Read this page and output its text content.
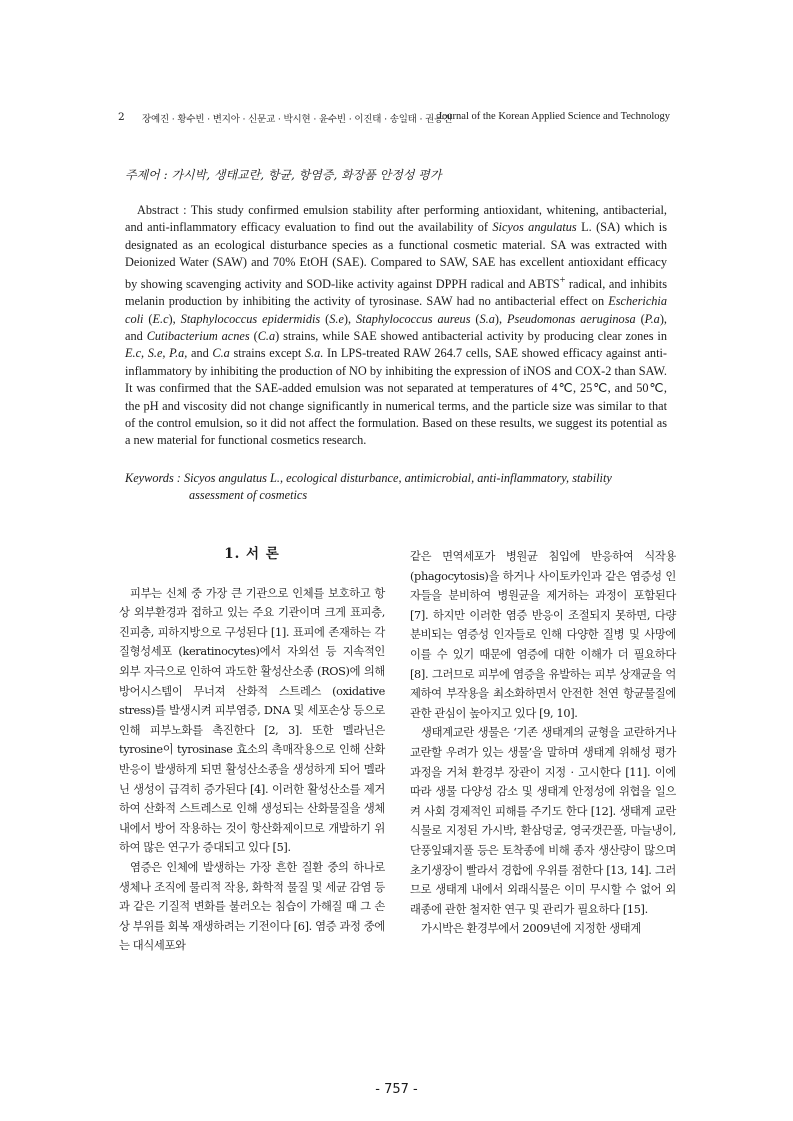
2 장예진 · 황수빈 · 변지아 · 신문교 · 박시현 · 윤수빈 · 이진태 · 송일태 · 권용진
Journal of the Korean Applied Science and Technology
주제어 : 가시박, 생태교란, 항균, 항염증, 화장품 안정성 평가

Abstract : This study confirmed emulsion stability after performing antioxidant, whitening, antibacterial, and anti-inflammatory efficacy evaluation to find out the availability of Sicyos angulatus L. (SA) which is designated as an ecological disturbance species as a functional cosmetic material. SA was extracted with Deionized Water (SAW) and 70% EtOH (SAE). Compared to SAW, SAE has excellent antioxidant efficacy by showing scavenging activity and SOD-like activity against DPPH radical and ABTS+ radical, and inhibits melanin production by inhibiting the activity of tyrosinase. SAW had no antibacterial effect on Escherichia coli (E.c), Staphylococcus epidermidis (S.e), Staphylococcus aureus (S.a), Pseudomonas aeruginosa (P.a), and Cutibacterium acnes (C.a) strains, while SAE showed antibacterial activity by producing clear zones in E.c, S.e, P.a, and C.a strains except S.a. In LPS-treated RAW 264.7 cells, SAE showed efficacy against anti-inflammatory by inhibiting the production of NO by inhibiting the expression of iNOS and COX-2 than SAW. It was confirmed that the SAE-added emulsion was not separated at temperatures of 4℃, 25℃, and 50℃, the pH and viscosity did not change significantly in numerical terms, and the particle size was similar to that of the control emulsion, so it did not affect the formulation. Based on these results, we suggest its potential as a new material for functional cosmetics research.

Keywords : Sicyos angulatus L., ecological disturbance, antimicrobial, anti-inflammatory, stability
assessment of cosmetics
1. 서 론

피부는 신체 중 가장 큰 기관으로 인체를 보호하고 항상 외부환경과 접하고 있는 주요 기관이며 크게 표피층, 진피층, 피하지방으로 구성된다 [1]. 표피에 존재하는 각질형성세포 (keratinocytes)에서 자외선 등 지속적인 외부 자극으로 인하여 과도한 활성산소종 (ROS)에 의해 방어시스템이 무너져 산화적 스트레스 (oxidative stress)를 발생시켜 피부염증, DNA 및 세포손상 등으로 인해 피부노화를 촉진한다 [2, 3]. 또한 멜라닌은 tyrosine이 tyrosinase 효소의 촉매작용으로 인해 산화반응이 발생하게 되면 활성산소종을 생성하게 되어 멜라닌 생성이 급격히 증가된다 [4]. 이러한 활성산소를 제거하여 산화적 스트레스로 인해 생성되는 산화물질을 생체 내에서 방어 작용하는 것이 항산화제이므로 개발하기 위하여 많은 연구가 증대되고 있다 [5].

염증은 인체에 발생하는 가장 흔한 질환 중의 하나로 생체나 조직에 물리적 작용, 화학적 물질 및 세균 감염 등과 같은 기질적 변화를 불러오는 침습이 가해질 때 그 손상 부위를 회복 재생하려는 기전이다 [6]. 염증 과정 중에는 대식세포와

같은 면역세포가 병원균 침입에 반응하여 식작용 (phagocytosis)을 하거나 사이토카인과 같은 염증성 인자들을 분비하여 병원균을 제거하는 과정이 포함된다 [7]. 하지만 이러한 염증 반응이 조절되지 못하면, 다량 분비되는 염증성 인자들로 인해 다양한 질병 및 사망에 이를 수 있기 때문에 염증에 대한 이해가 더 필요하다 [8]. 그러므로 피부에 염증을 유발하는 피부 상재균을 억제하여 부작용을 최소화하면서 안전한 천연 항균물질에 관한 관심이 높아지고 있다 [9, 10].

생태계교란 생물은 ‘기존 생태계의 균형을 교란하거나 교란할 우려가 있는 생물’을 말하며 생태계 위해성 평가 과정을 거쳐 환경부 장관이 지정 · 고시한다 [11]. 이에 따라 생물 다양성 감소 및 생태계 안정성에 위협을 일으켜 사회 경제적인 피해를 주기도 한다 [12]. 생태계 교란 식물로 지정된 가시박, 환삼덩굴, 영국갯끈풀, 마늘냉이, 단풍잎돼지풀 등은 토착종에 비해 종자 생산량이 많으며 초기생장이 빨라서 경합에 우위를 점한다 [13, 14]. 그러므로 생태계 내에서 외래식물은 이미 무시할 수 없어 외래종에 관한 철저한 연구 및 관리가 필요하다 [15].

가시박은 환경부에서 2009년에 지정한 생태계

- 757 -
